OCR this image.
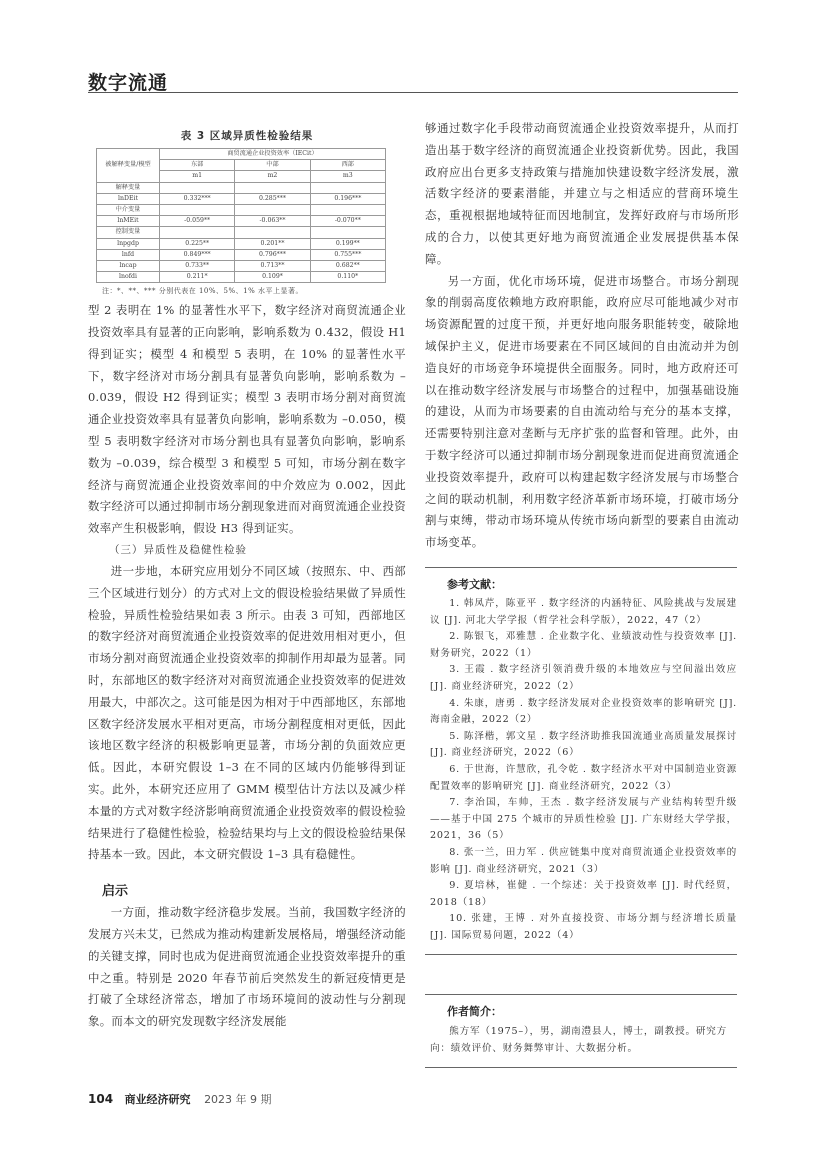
数字流通
表 3 区域异质性检验结果
被解释变量/模型	商贸流通企业投资效率（IECit）		
	东部	中部	西部
	m1	m2	m3
解释变量			
lnDEit	0.332***	0.285***	0.196***
中介变量			
lnMEit	-0.059**	-0.063**	-0.070**
控制变量			
lnpgdp	0.225**	0.201**	0.199**
lnfd	0.849***	0.796***	0.755***
lncap	0.733**	0.713**	0.682**
lnofdi	0.211*	0.109*	0.110*
注：*、**、*** 分别代表在 10%、5%、1% 水平上显著。

型 2 表明在 1% 的显著性水平下，数字经济对商贸流通企业投资效率具有显著的正向影响，影响系数为 0.432，假设 H1 得到证实；模型 4 和模型 5 表明，在 10% 的显著性水平下，数字经济对市场分割具有显著负向影响，影响系数为 –0.039，假设 H2 得到证实；模型 3 表明市场分割对商贸流通企业投资效率具有显著负向影响，影响系数为 –0.050，模型 5 表明数字经济对市场分割也具有显著负向影响，影响系数为 –0.039，综合模型 3 和模型 5 可知，市场分割在数字经济与商贸流通企业投资效率间的中介效应为 0.002，因此数字经济可以通过抑制市场分割现象进而对商贸流通企业投资效率产生积极影响，假设 H3 得到证实。

（三）异质性及稳健性检验

进一步地，本研究应用划分不同区域（按照东、中、西部三个区域进行划分）的方式对上文的假设检验结果做了异质性检验，异质性检验结果如表 3 所示。由表 3 可知，西部地区的数字经济对商贸流通企业投资效率的促进效用相对更小，但市场分割对商贸流通企业投资效率的抑制作用却最为显著。同时，东部地区的数字经济对对商贸流通企业投资效率的促进效用最大，中部次之。这可能是因为相对于中西部地区，东部地区数字经济发展水平相对更高，市场分割程度相对更低，因此该地区数字经济的积极影响更显著，市场分割的负面效应更低。因此，本研究假设 1–3 在不同的区域内仍能够得到证实。此外，本研究还应用了 GMM 模型估计方法以及减少样本量的方式对数字经济影响商贸流通企业投资效率的假设检验结果进行了稳健性检验，检验结果均与上文的假设检验结果保持基本一致。因此，本文研究假设 1–3 具有稳健性。

启示

一方面，推动数字经济稳步发展。当前，我国数字经济的发展方兴未艾，已然成为推动构建新发展格局，增强经济动能的关键支撑，同时也成为促进商贸流通企业投资效率提升的重中之重。特别是 2020 年春节前后突然发生的新冠疫情更是打破了全球经济常态，增加了市场环境间的波动性与分割现象。而本文的研究发现数字经济发展能

够通过数字化手段带动商贸流通企业投资效率提升，从而打造出基于数字经济的商贸流通企业投资新优势。因此，我国政府应出台更多支持政策与措施加快建设数字经济发展，激活数字经济的要素潜能，并建立与之相适应的营商环境生态，重视根据地域特征而因地制宜，发挥好政府与市场所形成的合力，以使其更好地为商贸流通企业发展提供基本保障。

另一方面，优化市场环境，促进市场整合。市场分割现象的削弱高度依赖地方政府职能，政府应尽可能地减少对市场资源配置的过度干预，并更好地向服务职能转变，破除地域保护主义，促进市场要素在不同区域间的自由流动并为创造良好的市场竞争环境提供全面服务。同时，地方政府还可以在推动数字经济发展与市场整合的过程中，加强基础设施的建设，从而为市场要素的自由流动给与充分的基本支撑，还需要特别注意对垄断与无序扩张的监督和管理。此外，由于数字经济可以通过抑制市场分割现象进而促进商贸流通企业投资效率提升，政府可以构建起数字经济发展与市场整合之间的联动机制，利用数字经济革新市场环境，打破市场分割与束缚，带动市场环境从传统市场向新型的要素自由流动市场变革。

参考文献：

1. 韩凤芹，陈亚平 . 数字经济的内涵特征、风险挑战与发展建议 [J]. 河北大学学报（哲学社会科学版），2022，47（2）

2. 陈银飞，邓雅慧 . 企业数字化、业绩波动性与投资效率 [J]. 财务研究，2022（1）

3. 王霞 . 数字经济引领消费升级的本地效应与空间溢出效应 [J]. 商业经济研究，2022（2）

4. 朱康，唐勇 . 数字经济发展对企业投资效率的影响研究 [J]. 海南金融，2022（2）

5. 陈泽楷，郭文星 . 数字经济助推我国流通业高质量发展探讨 [J]. 商业经济研究，2022（6）

6. 于世海，许慧欣，孔令乾 . 数字经济水平对中国制造业资源配置效率的影响研究 [J]. 商业经济研究，2022（3）

7. 李治国，车帅，王杰 . 数字经济发展与产业结构转型升级——基于中国 275 个城市的异质性检验 [J]. 广东财经大学学报，2021，36（5）

8. 张一兰，田力军 . 供应链集中度对商贸流通企业投资效率的影响 [J]. 商业经济研究，2021（3）

9. 夏培林，崔健 . 一个综述：关于投资效率 [J]. 时代经贸，2018（18）

10. 张建，王博 . 对外直接投资、市场分割与经济增长质量 [J]. 国际贸易问题，2022（4）

作者简介：

熊方军（1975–），男，湖南澧县人，博士，副教授。研究方向：绩效评价、财务舞弊审计、大数据分析。

104 商业经济研究 2023 年 9 期
